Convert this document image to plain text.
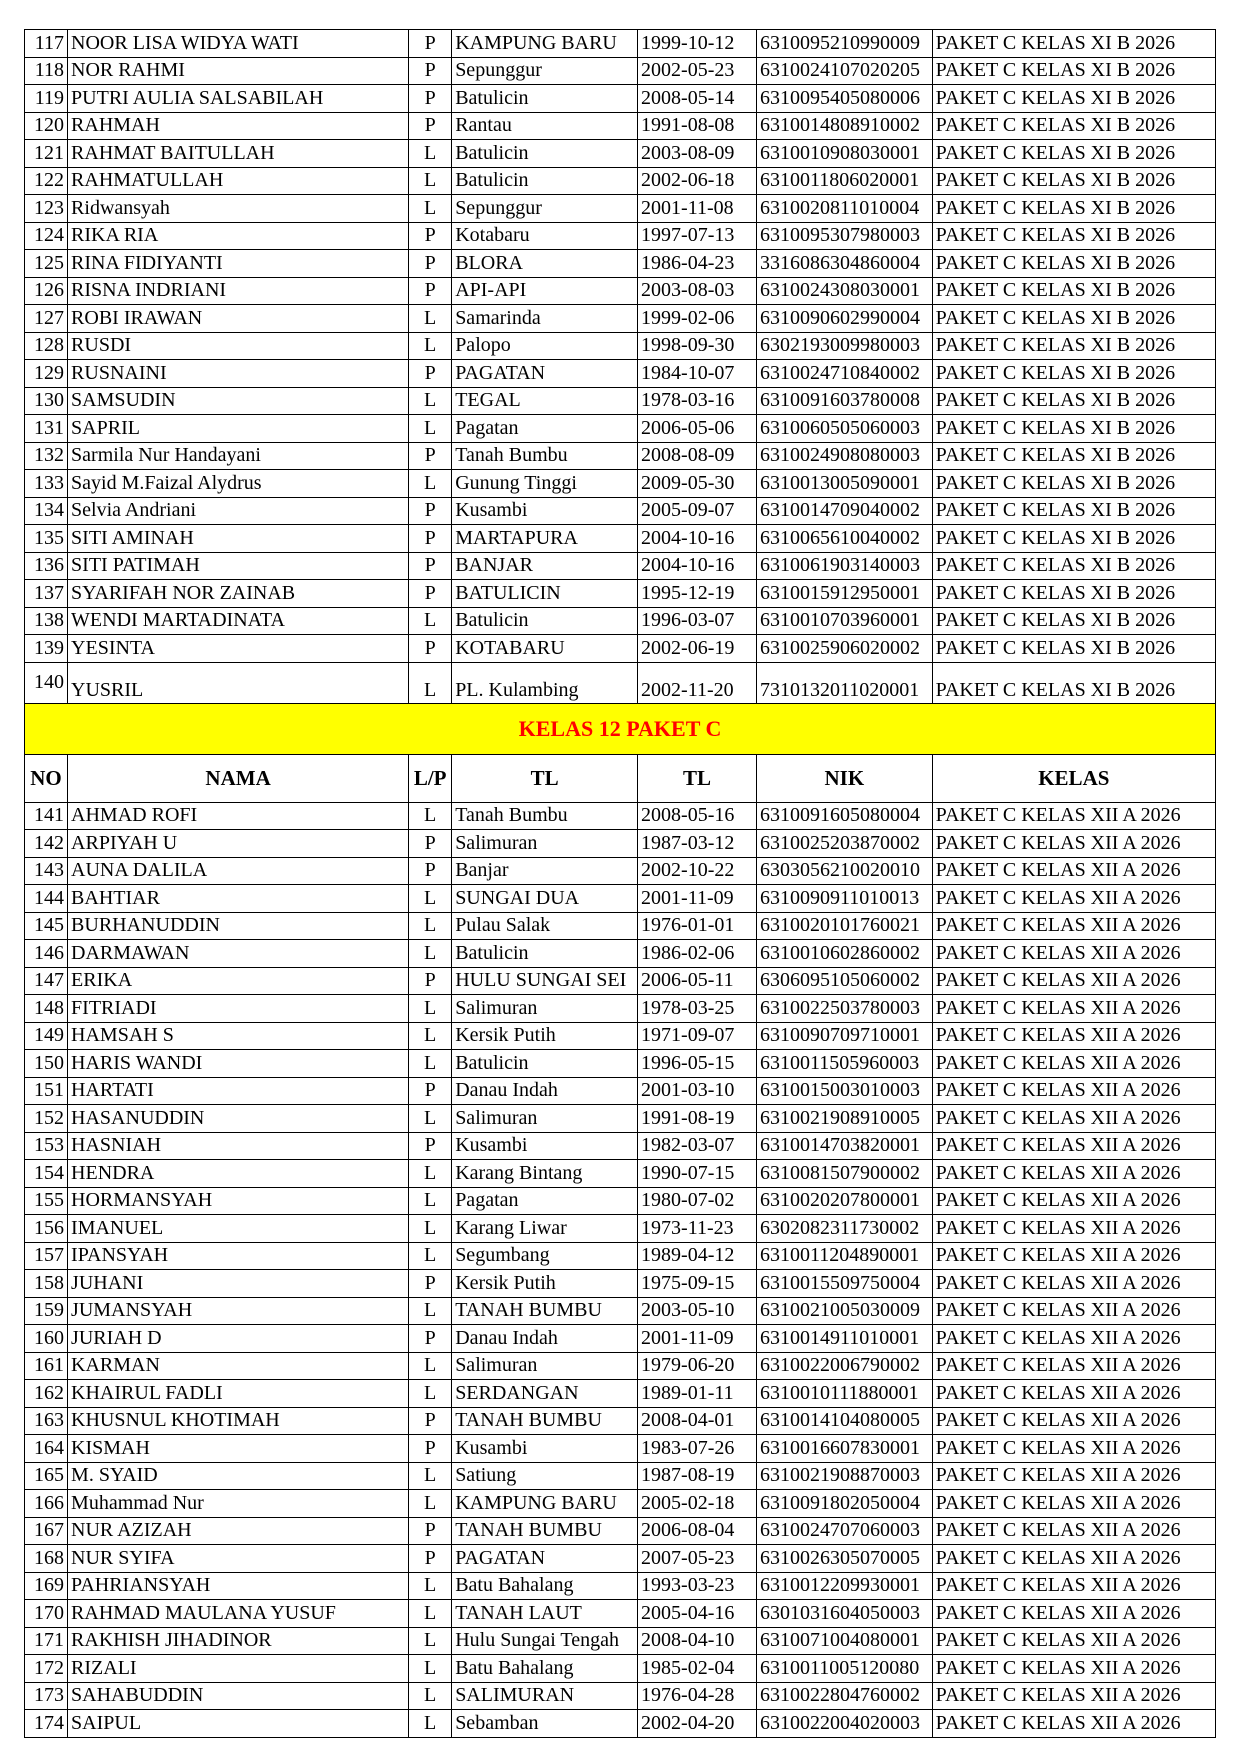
117	NOOR LISA WIDYA WATI	P	KAMPUNG BARU	1999-10-12	6310095210990009	PAKET C KELAS XI B 2026
118	NOR RAHMI	P	Sepunggur	2002-05-23	6310024107020205	PAKET C KELAS XI B 2026
119	PUTRI AULIA SALSABILAH	P	Batulicin	2008-05-14	6310095405080006	PAKET C KELAS XI B 2026
120	RAHMAH	P	Rantau	1991-08-08	6310014808910002	PAKET C KELAS XI B 2026
121	RAHMAT BAITULLAH	L	Batulicin	2003-08-09	6310010908030001	PAKET C KELAS XI B 2026
122	RAHMATULLAH	L	Batulicin	2002-06-18	6310011806020001	PAKET C KELAS XI B 2026
123	Ridwansyah	L	Sepunggur	2001-11-08	6310020811010004	PAKET C KELAS XI B 2026
124	RIKA RIA	P	Kotabaru	1997-07-13	6310095307980003	PAKET C KELAS XI B 2026
125	RINA FIDIYANTI	P	BLORA	1986-04-23	3316086304860004	PAKET C KELAS XI B 2026
126	RISNA INDRIANI	P	API-API	2003-08-03	6310024308030001	PAKET C KELAS XI B 2026
127	ROBI IRAWAN	L	Samarinda	1999-02-06	6310090602990004	PAKET C KELAS XI B 2026
128	RUSDI	L	Palopo	1998-09-30	6302193009980003	PAKET C KELAS XI B 2026
129	RUSNAINI	P	PAGATAN	1984-10-07	6310024710840002	PAKET C KELAS XI B 2026
130	SAMSUDIN	L	TEGAL	1978-03-16	6310091603780008	PAKET C KELAS XI B 2026
131	SAPRIL	L	Pagatan	2006-05-06	6310060505060003	PAKET C KELAS XI B 2026
132	Sarmila Nur Handayani	P	Tanah Bumbu	2008-08-09	6310024908080003	PAKET C KELAS XI B 2026
133	Sayid M.Faizal Alydrus	L	Gunung Tinggi	2009-05-30	6310013005090001	PAKET C KELAS XI B 2026
134	Selvia Andriani	P	Kusambi	2005-09-07	6310014709040002	PAKET C KELAS XI B 2026
135	SITI AMINAH	P	MARTAPURA	2004-10-16	6310065610040002	PAKET C KELAS XI B 2026
136	SITI PATIMAH	P	BANJAR	2004-10-16	6310061903140003	PAKET C KELAS XI B 2026
137	SYARIFAH NOR ZAINAB	P	BATULICIN	1995-12-19	6310015912950001	PAKET C KELAS XI B 2026
138	WENDI MARTADINATA	L	Batulicin	1996-03-07	6310010703960001	PAKET C KELAS XI B 2026
139	YESINTA	P	KOTABARU	2002-06-19	6310025906020002	PAKET C KELAS XI B 2026
140	YUSRIL	L	PL. Kulambing	2002-11-20	7310132011020001	PAKET C KELAS XI B 2026
KELAS 12 PAKET C						
NO	NAMA	L/P	TL	TL	NIK	KELAS
141	AHMAD ROFI	L	Tanah Bumbu	2008-05-16	6310091605080004	PAKET C KELAS XII A 2026
142	ARPIYAH U	P	Salimuran	1987-03-12	6310025203870002	PAKET C KELAS XII A 2026
143	AUNA DALILA	P	Banjar	2002-10-22	6303056210020010	PAKET C KELAS XII A 2026
144	BAHTIAR	L	SUNGAI DUA	2001-11-09	6310090911010013	PAKET C KELAS XII A 2026
145	BURHANUDDIN	L	Pulau Salak	1976-01-01	6310020101760021	PAKET C KELAS XII A 2026
146	DARMAWAN	L	Batulicin	1986-02-06	6310010602860002	PAKET C KELAS XII A 2026
147	ERIKA	P	HULU SUNGAI SEI	2006-05-11	6306095105060002	PAKET C KELAS XII A 2026
148	FITRIADI	L	Salimuran	1978-03-25	6310022503780003	PAKET C KELAS XII A 2026
149	HAMSAH S	L	Kersik Putih	1971-09-07	6310090709710001	PAKET C KELAS XII A 2026
150	HARIS WANDI	L	Batulicin	1996-05-15	6310011505960003	PAKET C KELAS XII A 2026
151	HARTATI	P	Danau Indah	2001-03-10	6310015003010003	PAKET C KELAS XII A 2026
152	HASANUDDIN	L	Salimuran	1991-08-19	6310021908910005	PAKET C KELAS XII A 2026
153	HASNIAH	P	Kusambi	1982-03-07	6310014703820001	PAKET C KELAS XII A 2026
154	HENDRA	L	Karang Bintang	1990-07-15	6310081507900002	PAKET C KELAS XII A 2026
155	HORMANSYAH	L	Pagatan	1980-07-02	6310020207800001	PAKET C KELAS XII A 2026
156	IMANUEL	L	Karang Liwar	1973-11-23	6302082311730002	PAKET C KELAS XII A 2026
157	IPANSYAH	L	Segumbang	1989-04-12	6310011204890001	PAKET C KELAS XII A 2026
158	JUHANI	P	Kersik Putih	1975-09-15	6310015509750004	PAKET C KELAS XII A 2026
159	JUMANSYAH	L	TANAH BUMBU	2003-05-10	6310021005030009	PAKET C KELAS XII A 2026
160	JURIAH D	P	Danau Indah	2001-11-09	6310014911010001	PAKET C KELAS XII A 2026
161	KARMAN	L	Salimuran	1979-06-20	6310022006790002	PAKET C KELAS XII A 2026
162	KHAIRUL FADLI	L	SERDANGAN	1989-01-11	6310010111880001	PAKET C KELAS XII A 2026
163	KHUSNUL KHOTIMAH	P	TANAH BUMBU	2008-04-01	6310014104080005	PAKET C KELAS XII A 2026
164	KISMAH	P	Kusambi	1983-07-26	6310016607830001	PAKET C KELAS XII A 2026
165	M. SYAID	L	Satiung	1987-08-19	6310021908870003	PAKET C KELAS XII A 2026
166	Muhammad Nur	L	KAMPUNG BARU	2005-02-18	6310091802050004	PAKET C KELAS XII A 2026
167	NUR AZIZAH	P	TANAH BUMBU	2006-08-04	6310024707060003	PAKET C KELAS XII A 2026
168	NUR SYIFA	P	PAGATAN	2007-05-23	6310026305070005	PAKET C KELAS XII A 2026
169	PAHRIANSYAH	L	Batu Bahalang	1993-03-23	6310012209930001	PAKET C KELAS XII A 2026
170	RAHMAD MAULANA YUSUF	L	TANAH LAUT	2005-04-16	6301031604050003	PAKET C KELAS XII A 2026
171	RAKHISH JIHADINOR	L	Hulu Sungai Tengah	2008-04-10	6310071004080001	PAKET C KELAS XII A 2026
172	RIZALI	L	Batu Bahalang	1985-02-04	6310011005120080	PAKET C KELAS XII A 2026
173	SAHABUDDIN	L	SALIMURAN	1976-04-28	6310022804760002	PAKET C KELAS XII A 2026
174	SAIPUL	L	Sebamban	2002-04-20	6310022004020003	PAKET C KELAS XII A 2026
